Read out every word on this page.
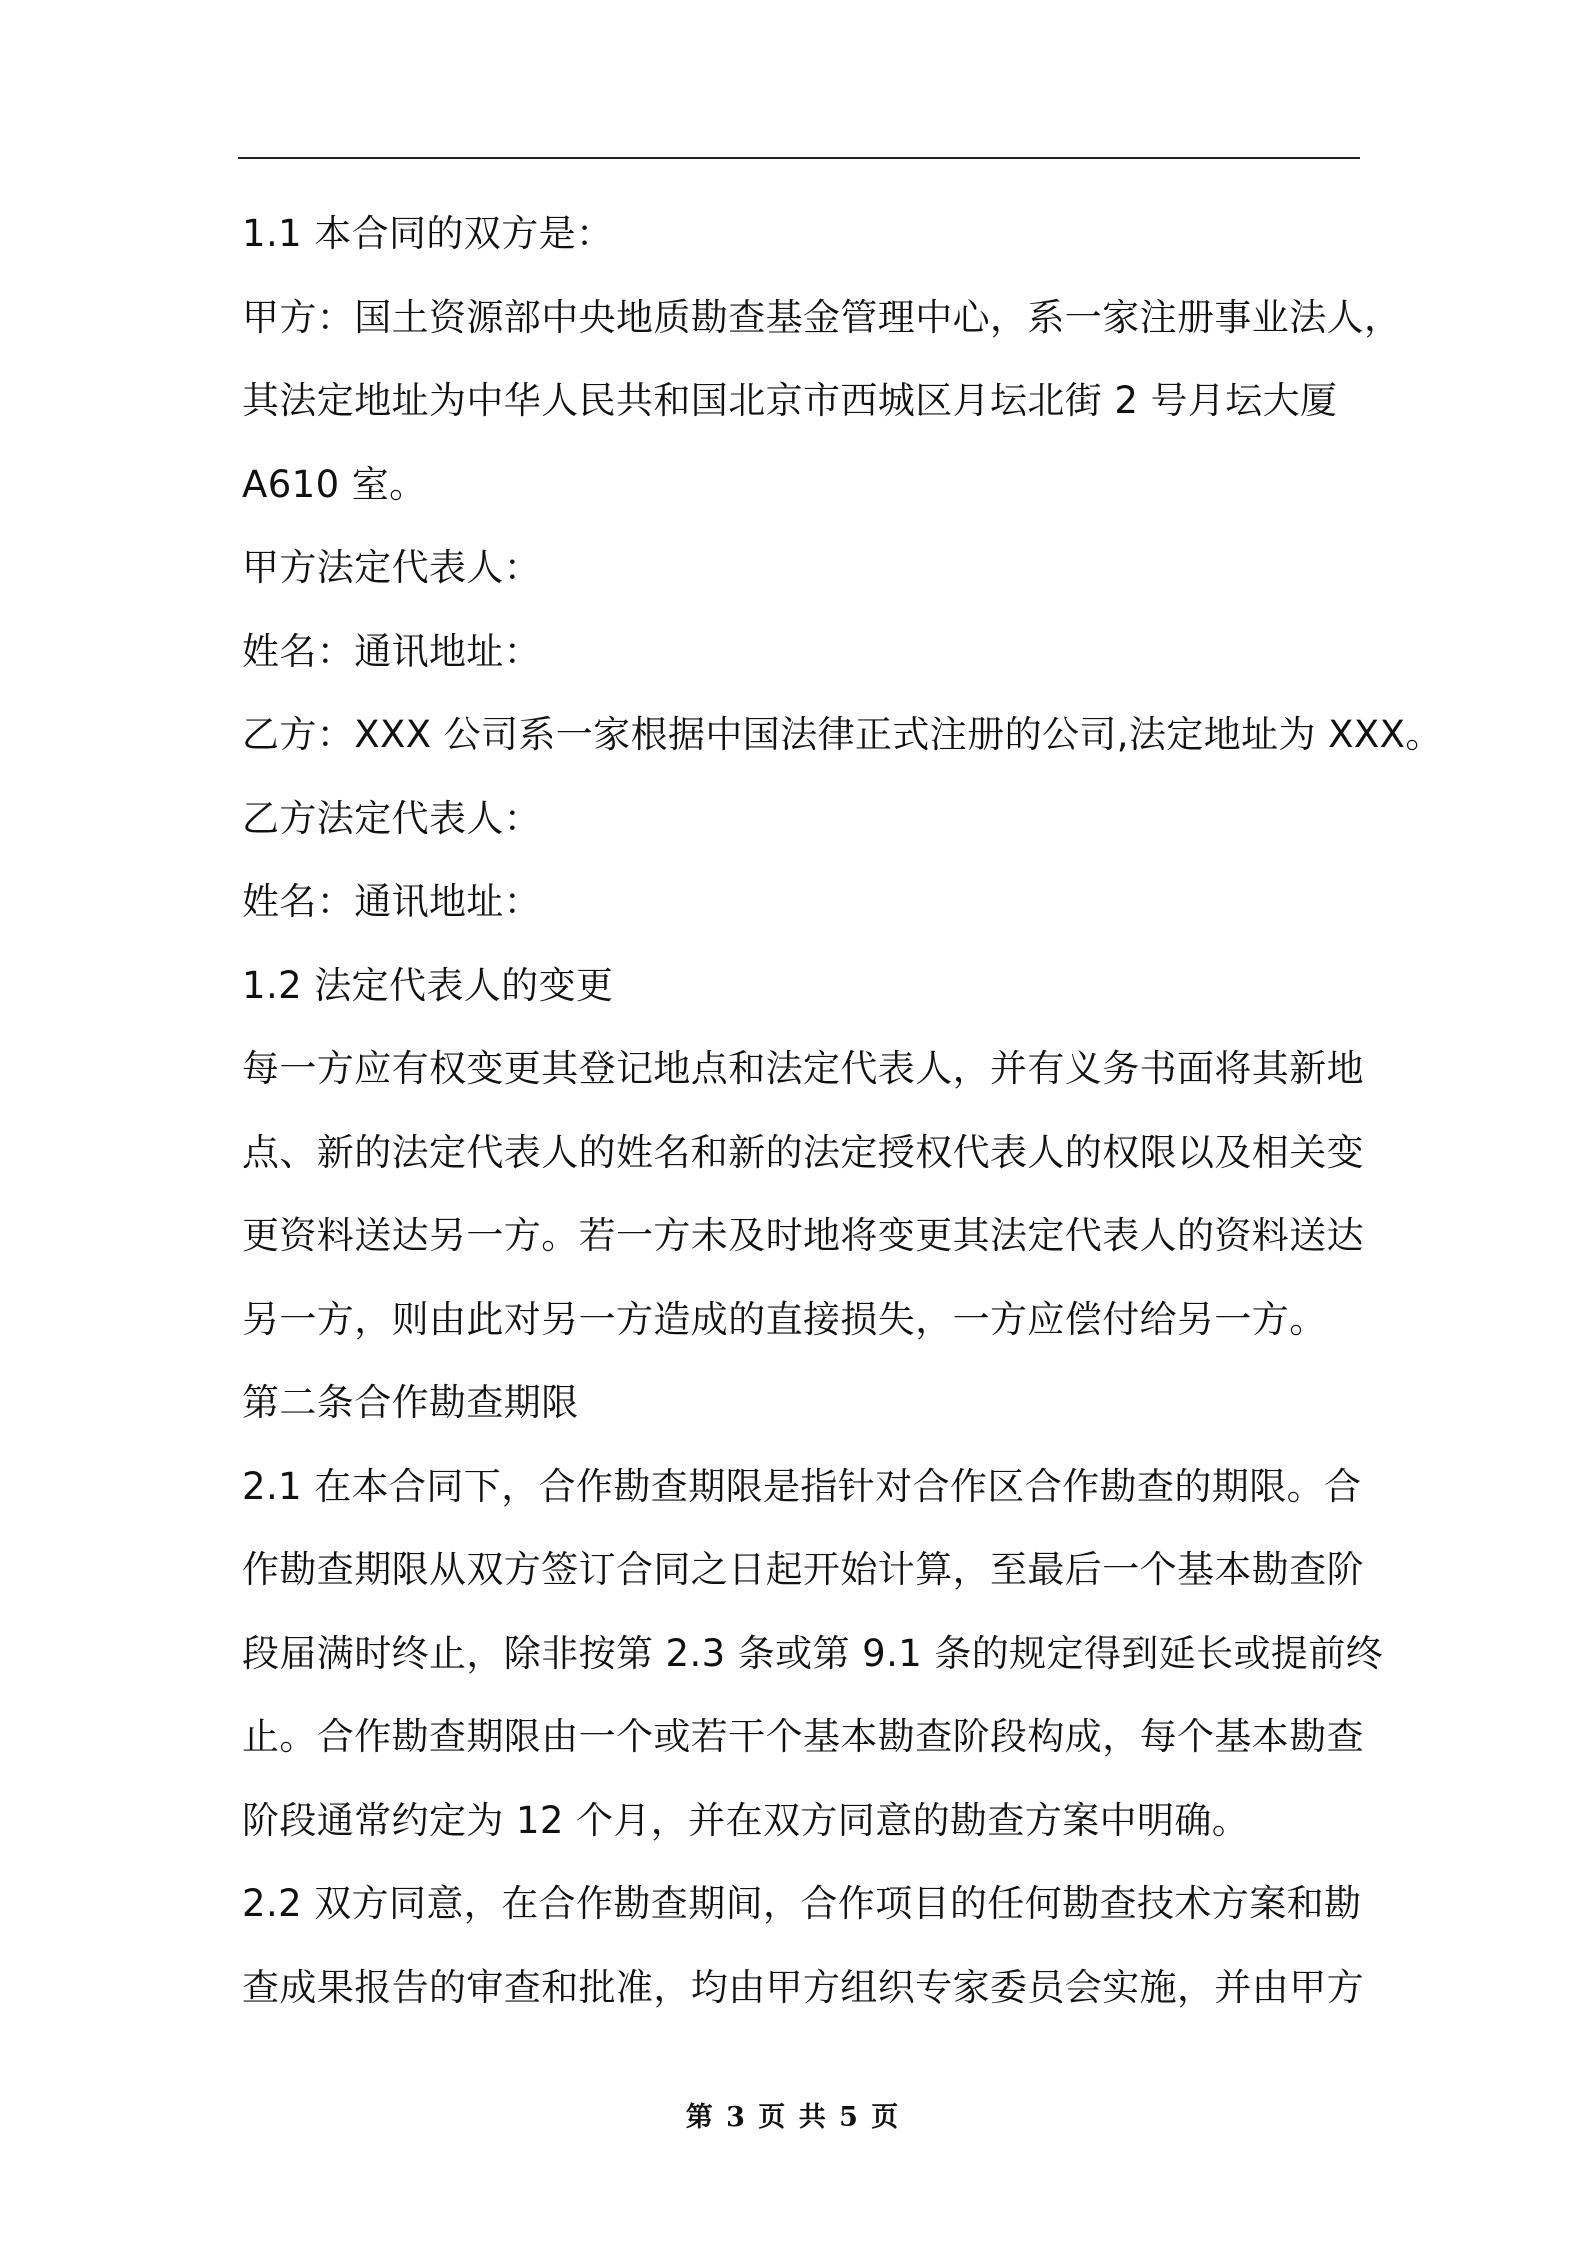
1.1 本合同的双方是：
甲方：国土资源部中央地质勘查基金管理中心，系一家注册事业法人，
其法定地址为中华人民共和国北京市西城区月坛北街 2 号月坛大厦
A610 室。
甲方法定代表人：
姓名：通讯地址：
乙方：XXX 公司系一家根据中国法律正式注册的公司,法定地址为 XXX。
乙方法定代表人：
姓名：通讯地址：
1.2 法定代表人的变更
每一方应有权变更其登记地点和法定代表人，并有义务书面将其新地
点、新的法定代表人的姓名和新的法定授权代表人的权限以及相关变
更资料送达另一方。若一方未及时地将变更其法定代表人的资料送达
另一方，则由此对另一方造成的直接损失，一方应偿付给另一方。
第二条合作勘查期限
2.1 在本合同下，合作勘查期限是指针对合作区合作勘查的期限。合
作勘查期限从双方签订合同之日起开始计算，至最后一个基本勘查阶
段届满时终止，除非按第 2.3 条或第 9.1 条的规定得到延长或提前终
止。合作勘查期限由一个或若干个基本勘查阶段构成，每个基本勘查
阶段通常约定为 12 个月，并在双方同意的勘查方案中明确。
2.2 双方同意，在合作勘查期间，合作项目的任何勘查技术方案和勘
查成果报告的审查和批准，均由甲方组织专家委员会实施，并由甲方
第 3 页 共 5 页
